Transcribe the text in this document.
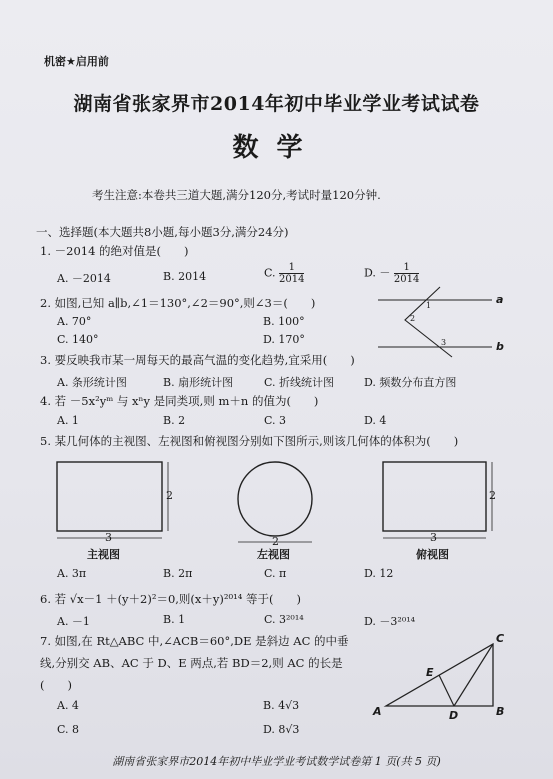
机密★启用前
湖南省张家界市2014年初中毕业学业考试试卷
数学
考生注意:本卷共三道大题,满分120分,考试时量120分钟.
一、选择题(本大题共8小题,每小题3分,满分24分)
1. －2014 的绝对值是(　　)
A. －2014	B. 2014	C. $\frac{1}{2014}$	D. － $\frac{1}{2014}$
2. 如图,已知 a∥b,∠1＝130°,∠2＝90°,则∠3＝(　　)
A. 70°	B. 100°
C. 140°	D. 170°
a
b
1
2
3
3. 要反映我市某一周每天的最高气温的变化趋势,宜采用(　　)
A. 条形统计图	B. 扇形统计图	C. 折线统计图	D. 频数分布直方图
4. 若 －5x²yᵐ 与 xⁿy 是同类项,则 m＋n 的值为(　　)
A. 1	B. 2	C. 3	D. 4
5. 某几何体的主视图、左视图和俯视图分别如下图所示,则该几何体的体积为(　　)
3
2
2	3
2
主视图	左视图	俯视图
A. 3π	B. 2π	C. π	D. 12
6. 若 √x－1 ＋(y＋2)²＝0,则(x＋y)²⁰¹⁴ 等于(　　)
A. －1	B. 1	C. 3²⁰¹⁴	D. －3²⁰¹⁴
7. 如图,在 Rt△ABC 中,∠ACB＝60°,DE 是斜边 AC 的中垂
线,分别交 AB、AC 于 D、E 两点,若 BD＝2,则 AC 的长是
(　　)
A. 4	B. 4√3
C. 8	D. 8√3
A	B
C
D
E
湖南省张家界市2014年初中毕业学业考试数学试卷第 1 页(共 5 页)
